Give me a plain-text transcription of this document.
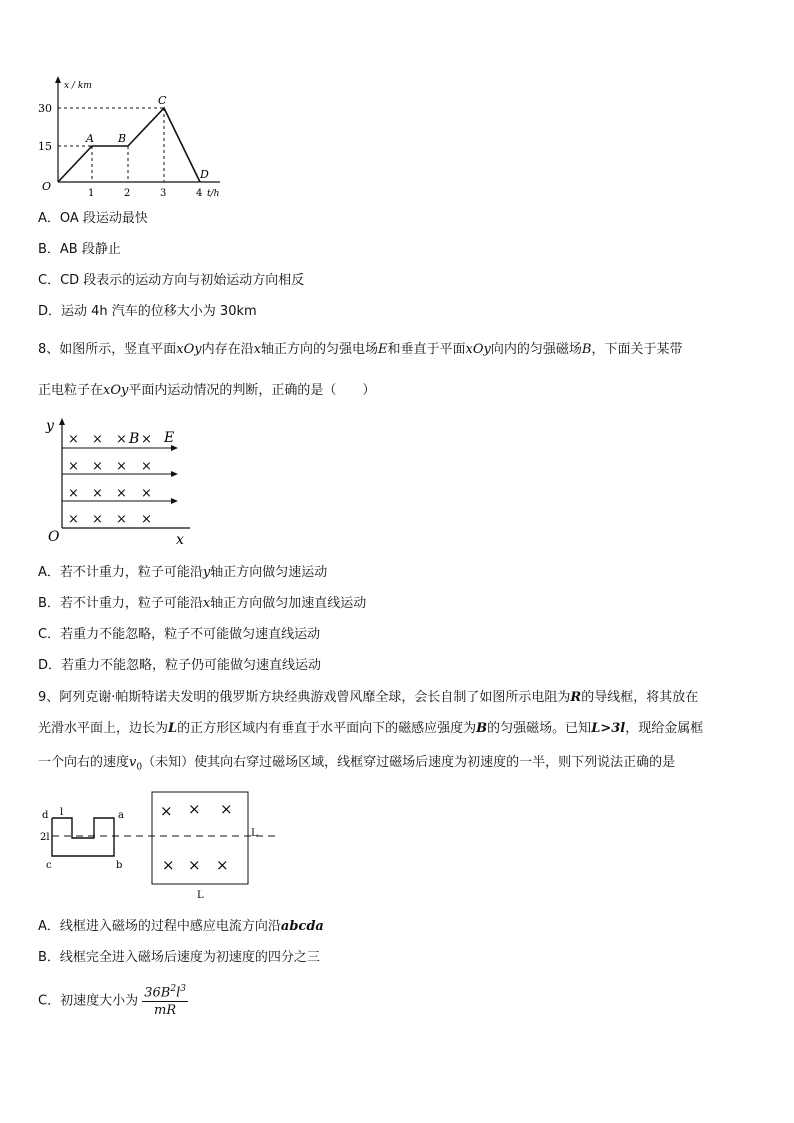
x / km
30
15
O
1	2	3	4 t/h
A B
C
D
A．OA 段运动最快
B．AB 段静止
C．CD 段表示的运动方向与初始运动方向相反
D．运动 4h 汽车的位移大小为 30km
8、如图所示，竖直平面xOy内存在沿x轴正方向的匀强电场E和垂直于平面xOy向内的匀强磁场B，下面关于某带
正电粒子在xOy平面内运动情况的判断，正确的是（　　）
× × × B × E
× × × ×
× × × ×
× × × ×
y
x
O
A．若不计重力，粒子可能沿y轴正方向做匀速运动
B．若不计重力，粒子可能沿x轴正方向做匀加速直线运动
C．若重力不能忽略，粒子不可能做匀速直线运动
D．若重力不能忽略，粒子仍可能做匀速直线运动
9、阿列克谢·帕斯特诺夫发明的俄罗斯方块经典游戏曾风靡全球，会长自制了如图所示电阻为R的导线框，将其放在
光滑水平面上，边长为L的正方形区域内有垂直于水平面向下的磁感应强度为B的匀强磁场。已知L>3l，现给金属框
一个向右的速度$v_0$（未知）使其向右穿过磁场区域，线框穿过磁场后速度为初速度的一半，则下列说法正确的是
× × ×
× × ×
d l	a
2l
c	b
L
L
A．线框进入磁场的过程中感应电流方向沿abcda
B．线框完全进入磁场后速度为初速度的四分之三
C．初速度大小为 $\frac{36B^2l^3}{mR}$
